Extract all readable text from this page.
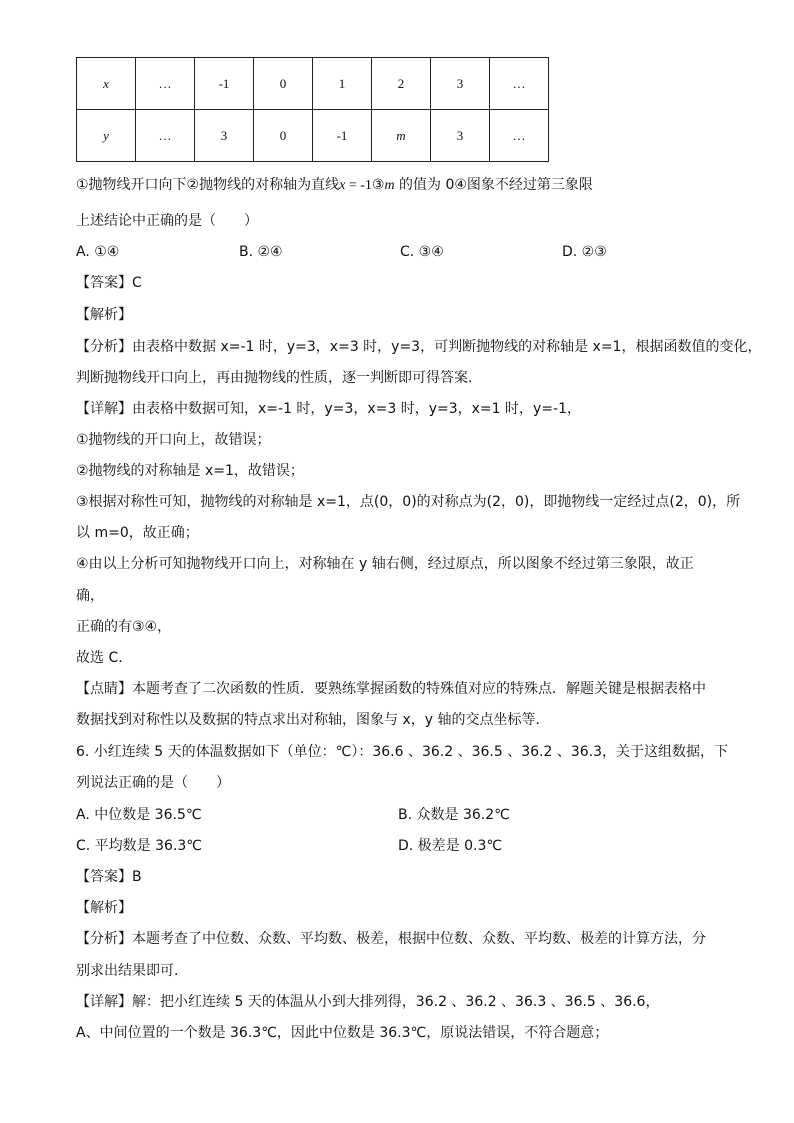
x	…	-1	0	1	2	3	…
y	…	3	0	-1	m	3	…
①抛物线开口向下②抛物线的对称轴为直线x = -1③m 的值为 0④图象不经过第三象限
上述结论中正确的是（　　）
A. ①④	B. ②④	C. ③④	D. ②③
【答案】C
【解析】
【分析】由表格中数据 x=-1 时，y=3，x=3 时，y=3，可判断抛物线的对称轴是 x=1，根据函数值的变化，
判断抛物线开口向上，再由抛物线的性质，逐一判断即可得答案.
【详解】由表格中数据可知，x=-1 时，y=3，x=3 时，y=3，x=1 时，y=-1，
①抛物线的开口向上，故错误；
②抛物线的对称轴是 x=1，故错误；
③根据对称性可知，抛物线的对称轴是 x=1，点(0，0)的对称点为(2，0)，即抛物线一定经过点(2，0)，所
以 m=0，故正确；
④由以上分析可知抛物线开口向上，对称轴在 y 轴右侧，经过原点，所以图象不经过第三象限，故正
确，
正确的有③④，
故选 C.
【点睛】本题考查了二次函数的性质．要熟练掌握函数的特殊值对应的特殊点．解题关键是根据表格中
数据找到对称性以及数据的特点求出对称轴，图象与 x，y 轴的交点坐标等．
6. 小红连续 5 天的体温数据如下（单位：℃）：36.6 、36.2 、36.5 、36.2 、36.3，关于这组数据，下
列说法正确的是（　　）
A. 中位数是 36.5℃	B. 众数是 36.2℃
C. 平均数是 36.3℃	D. 极差是 0.3℃
【答案】B
【解析】
【分析】本题考查了中位数、众数、平均数、极差，根据中位数、众数、平均数、极差的计算方法，分
别求出结果即可．
【详解】解：把小红连续 5 天的体温从小到大排列得，36.2 、36.2 、36.3 、36.5 、36.6，
A、中间位置的一个数是 36.3℃，因此中位数是 36.3℃，原说法错误，不符合题意；
